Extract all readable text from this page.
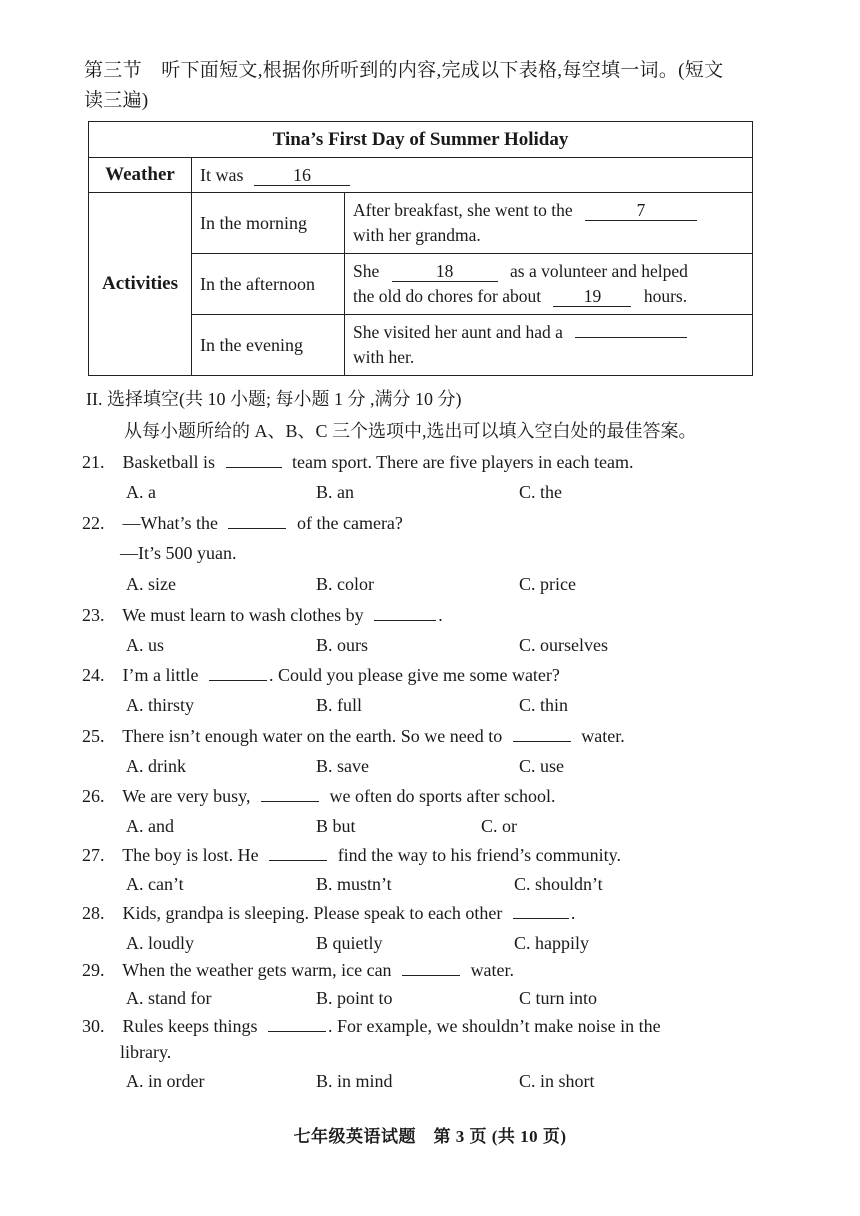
第三节　听下面短文,根据你所听到的内容,完成以下表格,每空填一词。(短文
读三遍)
Tina’s First Day of Summer Holiday		
Weather	It was 16	
Activities	In the morning	After breakfast, she went to the 7
with her grandma.
	In the afternoon	She 18 as a volunteer and helped
the old do chores for about 19 hours.
	In the evening	She visited her aunt and had a
with her.
II. 选择填空(共 10 小题; 每小题 1 分 ,满分 10 分)
从每小题所给的 A、B、C 三个选项中,选出可以填入空白处的最佳答案。
21. Basketball is	team sport. There are five players in each team.
A. a	B. an	C. the
22. —What’s the	of the camera?
—It’s 500 yuan.
A. size	B. color	C. price
23. We must learn to wash clothes by	.
A. us	B. ours	C. ourselves
24. I’m a little	. Could you please give me some water?
A. thirsty	B. full	C. thin
25. There isn’t enough water on the earth. So we need to	water.
A. drink	B. save	C. use
26. We are very busy,	we often do sports after school.
A. and	B but	C. or
27. The boy is lost. He	find the way to his friend’s community.
A. can’t	B. mustn’t	C. shouldn’t
28. Kids, grandpa is sleeping. Please speak to each other	.
A. loudly	B quietly	C. happily
29. When the weather gets warm, ice can	water.
A. stand for	B. point to	C turn into
30. Rules keeps things	. For example, we shouldn’t make noise in the
library.
A. in order	B. in mind	C. in short
七年级英语试题　第 3 页 (共 10 页)
